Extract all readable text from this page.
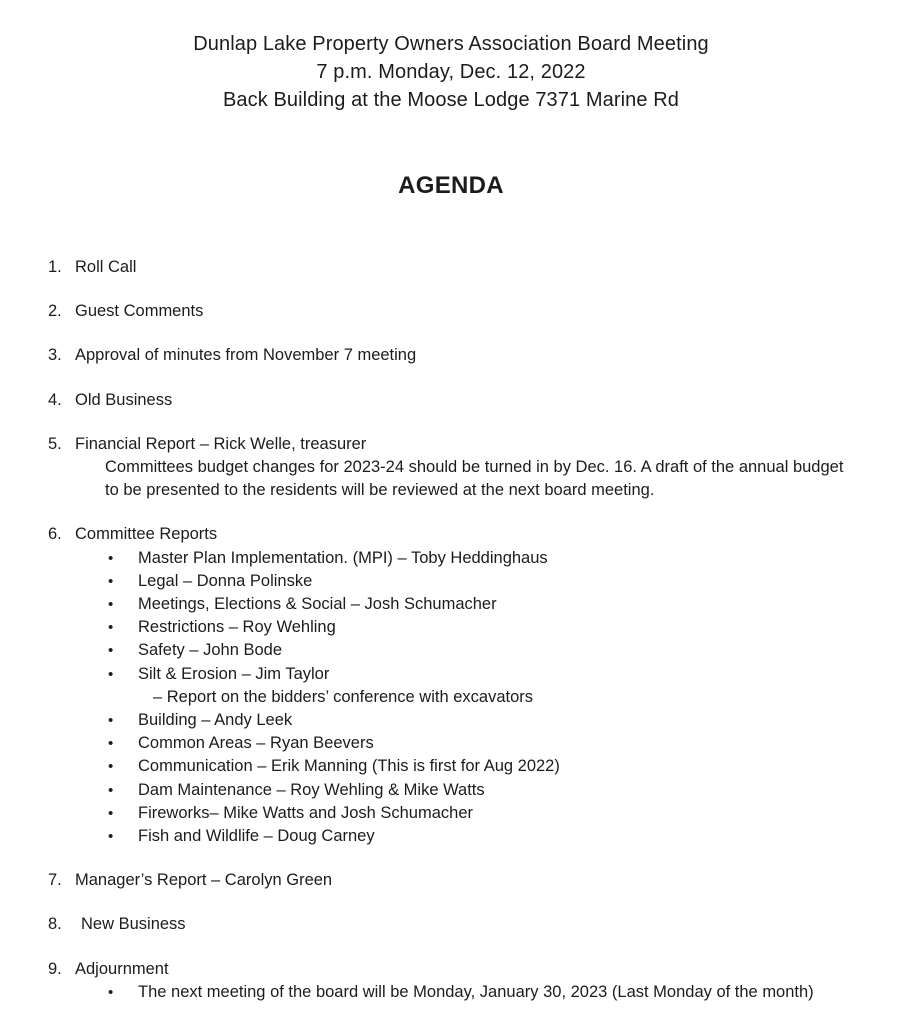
Dunlap Lake Property Owners Association Board Meeting
7 p.m. Monday, Dec. 12, 2022
Back Building at the Moose Lodge 7371 Marine Rd
AGENDA
1. Roll Call
2. Guest Comments
3. Approval of minutes from November 7 meeting
4. Old Business
5. Financial Report – Rick Welle, treasurer
Committees budget changes for 2023-24 should be turned in by Dec. 16. A draft of the annual budget to be presented to the residents will be reviewed at the next board meeting.
6. Committee Reports
•	Master Plan Implementation. (MPI) – Toby Heddinghaus
•	Legal – Donna Polinske
•	Meetings, Elections & Social – Josh Schumacher
•	Restrictions – Roy Wehling
•	Safety – John Bode
•	Silt & Erosion – Jim Taylor
– Report on the bidders’ conference with excavators
•	Building – Andy Leek
•	Common Areas – Ryan Beevers
•	Communication – Erik Manning (This is first for Aug 2022)
•	Dam Maintenance – Roy Wehling & Mike Watts
•	Fireworks– Mike Watts and Josh Schumacher
•	Fish and Wildlife – Doug Carney
7. Manager’s Report – Carolyn Green
8.	New Business
9. Adjournment
•	The next meeting of the board will be Monday, January 30, 2023 (Last Monday of the month)
